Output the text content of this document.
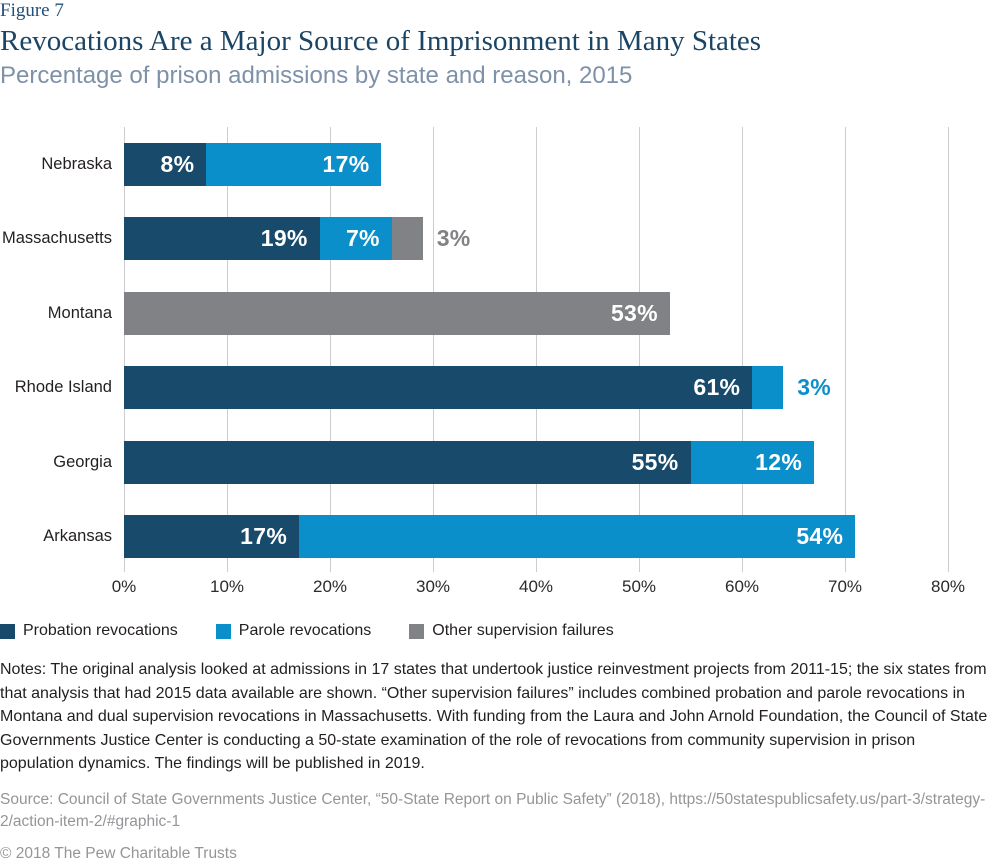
Figure 7
Revocations Are a Major Source of Imprisonment in Many States
Percentage of prison admissions by state and reason, 2015
Nebraska 8%	17%
Massachusetts	19%	7%	3%
Montana	53%
Rhode Island	61%	3%
Georgia	55%	12%
Arkansas	17%	54%
0%	10%	20%	30%	40%	50%	60%	70%	80%
Probation revocations	Parole revocations	Other supervision failures
Notes: The original analysis looked at admissions in 17 states that undertook justice reinvestment projects from 2011-15; the six states from that analysis that had 2015 data available are shown. “Other supervision failures” includes combined probation and parole revocations in Montana and dual supervision revocations in Massachusetts. With funding from the Laura and John Arnold Foundation, the Council of State Governments Justice Center is conducting a 50-state examination of the role of revocations from community supervision in prison population dynamics. The findings will be published in 2019.
Source: Council of State Governments Justice Center, “50-State Report on Public Safety” (2018), https://50statespublicsafety.us/part-3/strategy-2/action-item-2/#graphic-1
© 2018 The Pew Charitable Trusts
